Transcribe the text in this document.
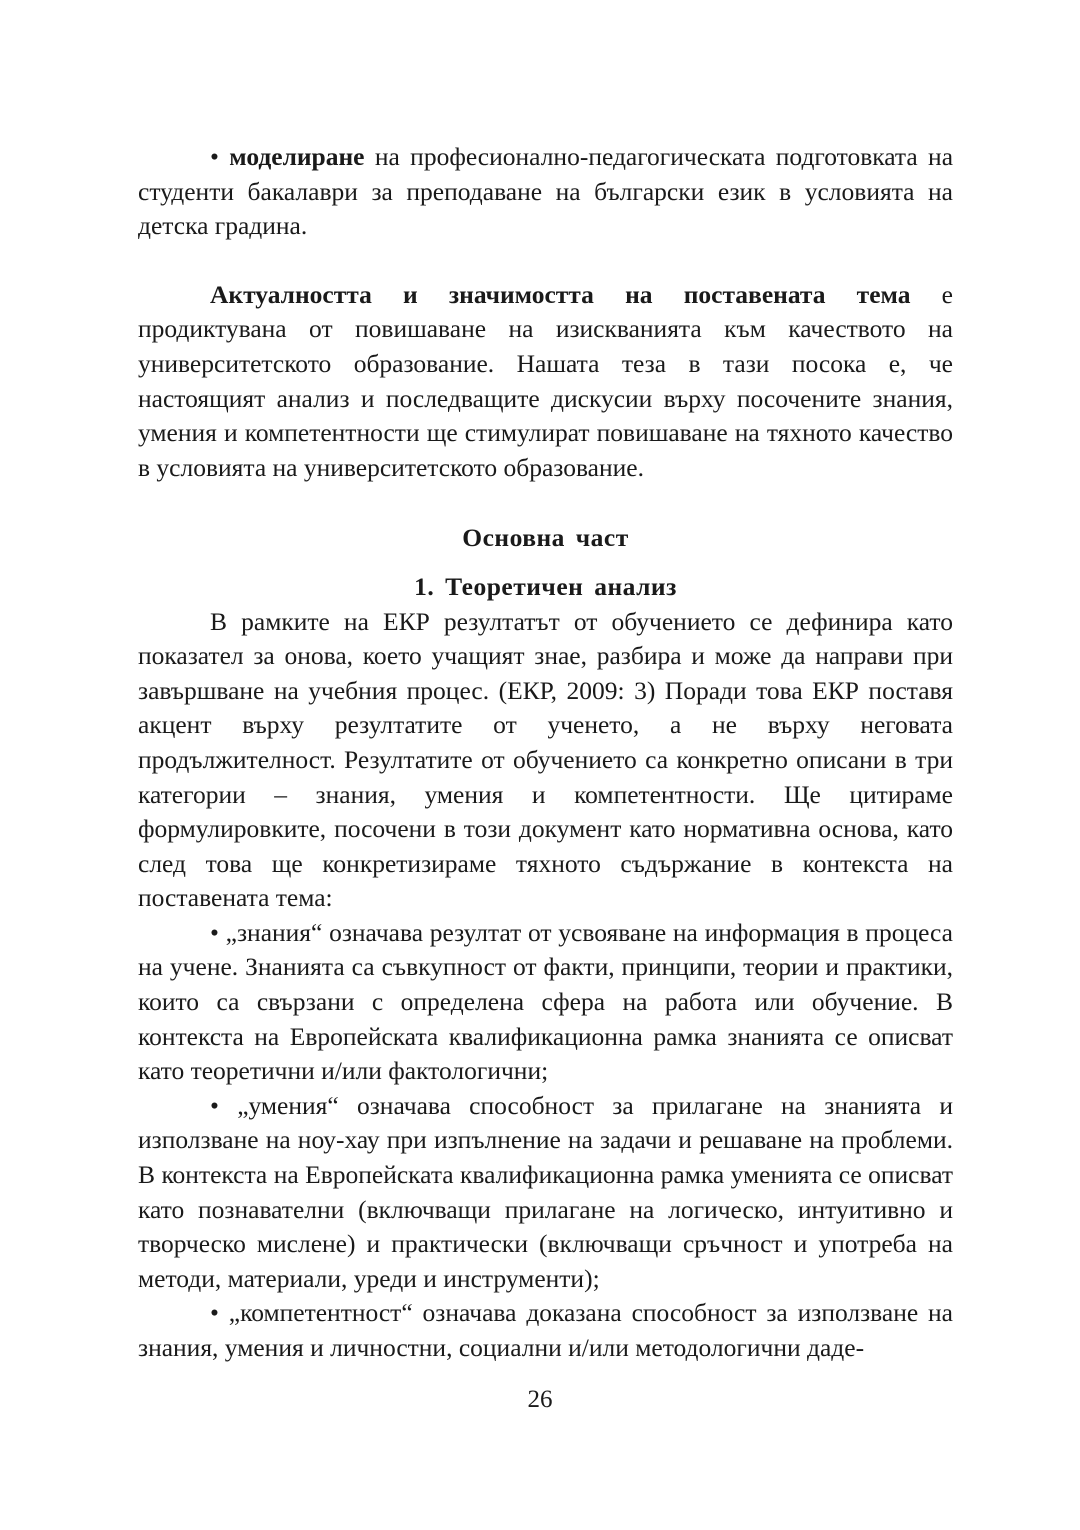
• моделиране на професионално-педагогическата подготовката на студенти бакалаври за преподаване на български език в условията на детска градина.

Актуалността и значимостта на поставената тема е продиктувана от повишаване на изискванията към качеството на университетското образование. Нашата теза в тази посока е, че настоящият анализ и последващите дискусии върху посочените знания, умения и компетентности ще стимулират повишаване на тяхното качество в условията на университетското образование.

Основна част

1. Теоретичен анализ

В рамките на ЕКР резултатът от обучението се дефинира като показател за онова, което учащият знае, разбира и може да направи при завършване на учебния процес. (ЕКР, 2009: 3) Поради това ЕКР поставя акцент върху резултатите от ученето, а не върху неговата продължителност. Резултатите от обучението са конкретно описани в три категории – знания, умения и компетентности. Ще цитираме формулировките, посочени в този документ като нормативна основа, като след това ще конкретизираме тяхното съдържание в контекста на поставената тема:

• „знания“ означава резултат от усвояване на информация в процеса на учене. Знанията са съвкупност от факти, принципи, теории и практики, които са свързани с определена сфера на работа или обучение. В контекста на Европейската квалификационна рамка знанията се описват като теоретични и/или фактологични;

• „умения“ означава способност за прилагане на знанията и използване на ноу-хау при изпълнение на задачи и решаване на проблеми. В контекста на Европейската квалификационна рамка уменията се описват като познавателни (включващи прилагане на логическо, интуитивно и творческо мислене) и практически (включващи сръчност и употреба на методи, материали, уреди и инструменти);

• „компетентност“ означава доказана способност за използване на знания, умения и личностни, социални и/или методологични даде-

26
